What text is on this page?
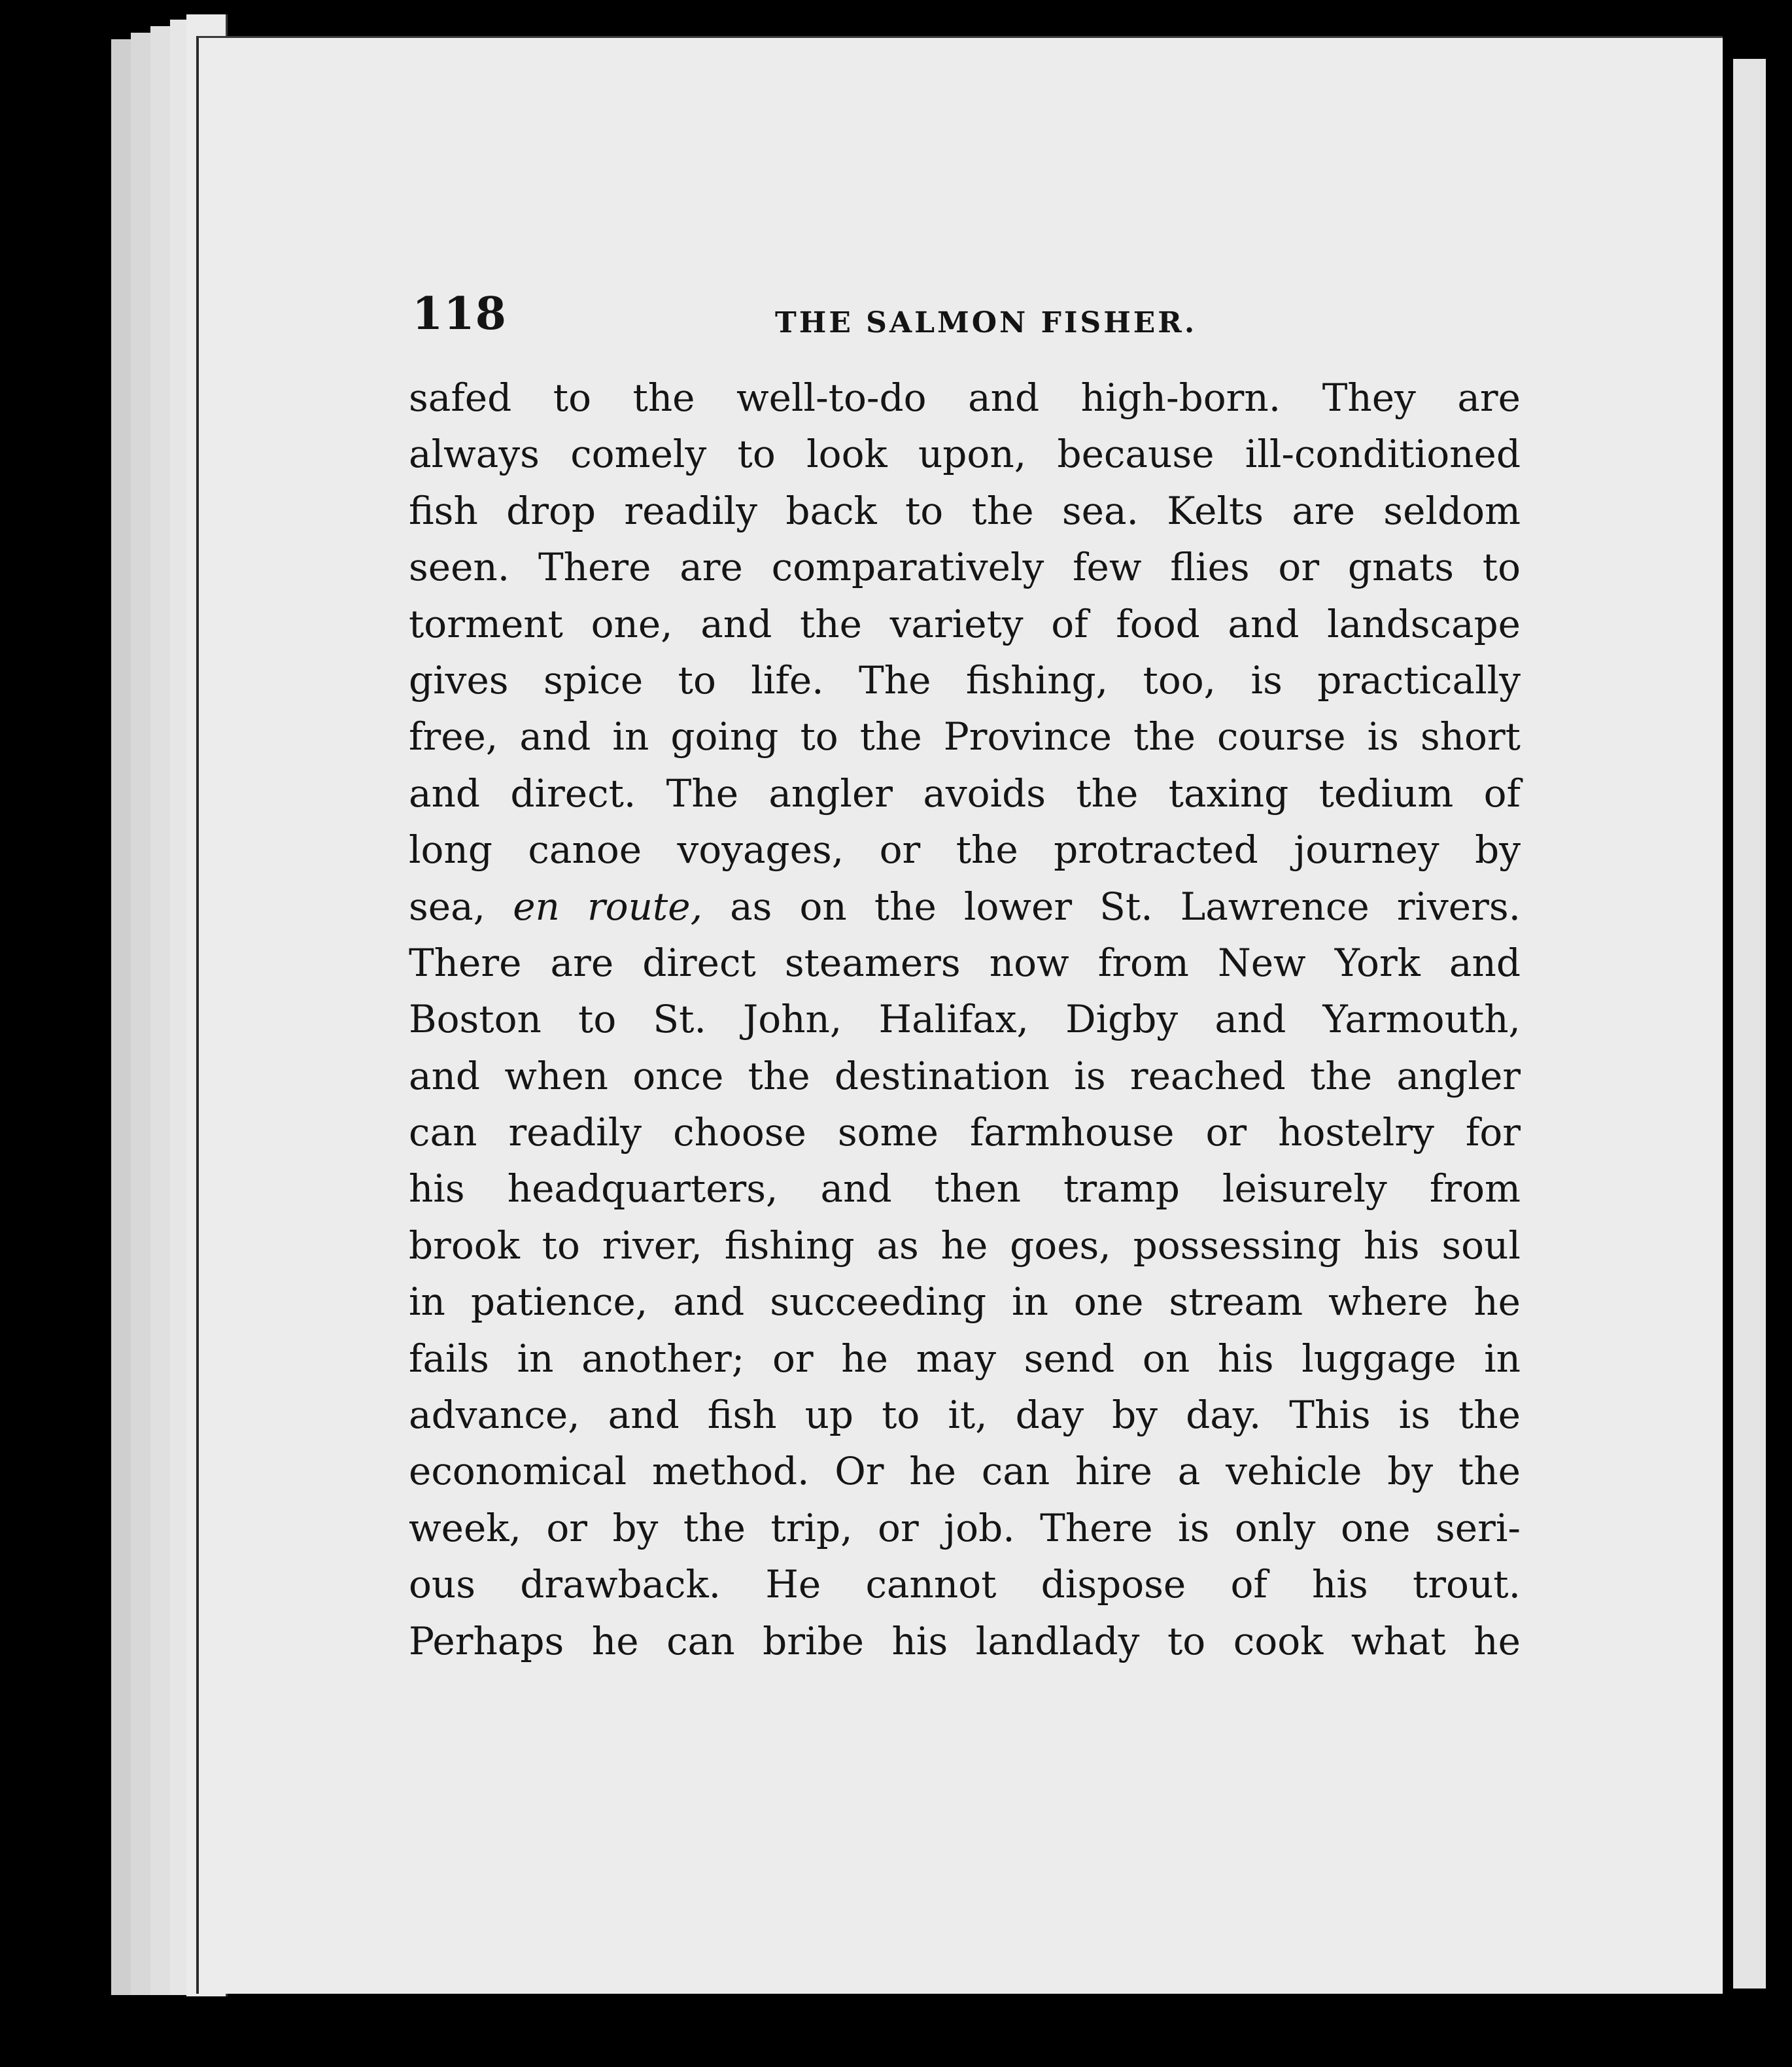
118	THE SALMON FISHER.
safed to the well-to-do and high-born. They are
always comely to look upon, because ill-conditioned
fish drop readily back to the sea. Kelts are seldom
seen. There are comparatively few flies or gnats to
torment one, and the variety of food and landscape
gives spice to life. The fishing, too, is practically
free, and in going to the Province the course is short
and direct. The angler avoids the taxing tedium of
long canoe voyages, or the protracted journey by
sea, en route, as on the lower St. Lawrence rivers.
There are direct steamers now from New York and
Boston to St. John, Halifax, Digby and Yarmouth,
and when once the destination is reached the angler
can readily choose some farmhouse or hostelry for
his headquarters, and then tramp leisurely from
brook to river, fishing as he goes, possessing his soul
in patience, and succeeding in one stream where he
fails in another; or he may send on his luggage in
advance, and fish up to it, day by day. This is the
economical method. Or he can hire a vehicle by the
week, or by the trip, or job. There is only one seri-
ous drawback. He cannot dispose of his trout.
Perhaps he can bribe his landlady to cook what he
